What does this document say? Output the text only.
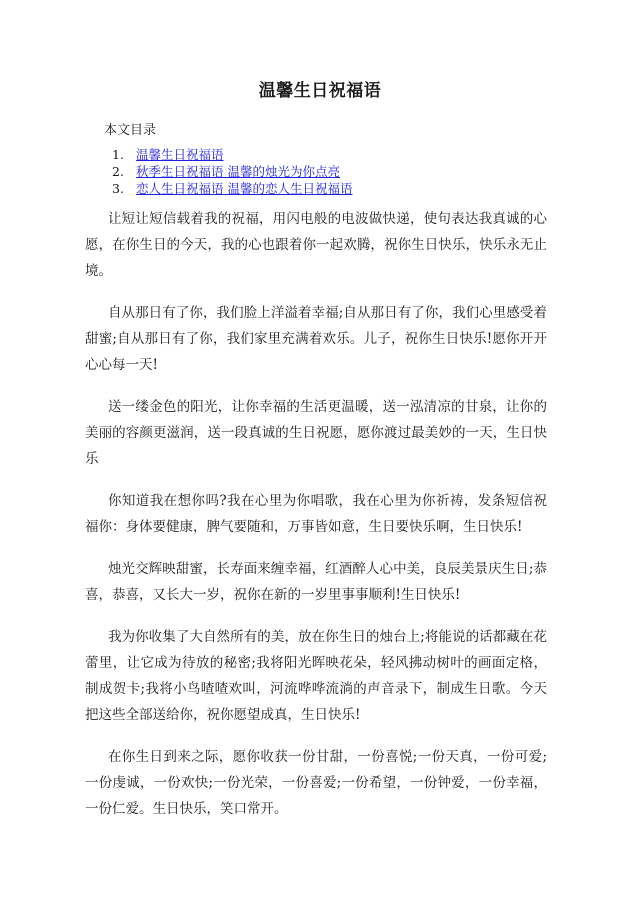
温馨生日祝福语
本文目录
1. 温馨生日祝福语
2. 秋季生日祝福语 温馨的烛光为你点亮
3. 恋人生日祝福语 温馨的恋人生日祝福语

让短让短信载着我的祝福，用闪电般的电波做快递，使句表达我真诚的心愿，在你生日的今天，我的心也跟着你一起欢腾，祝你生日快乐，快乐永无止境。

自从那日有了你，我们脸上洋溢着幸福;自从那日有了你，我们心里感受着甜蜜;自从那日有了你，我们家里充满着欢乐。儿子，祝你生日快乐!愿你开开心心每一天!

送一缕金色的阳光，让你幸福的生活更温暖，送一泓清凉的甘泉，让你的美丽的容颜更滋润，送一段真诚的生日祝愿，愿你渡过最美妙的一天，生日快乐

你知道我在想你吗?我在心里为你唱歌，我在心里为你祈祷，发条短信祝福你：身体要健康，脾气要随和，万事皆如意，生日要快乐啊，生日快乐!

烛光交辉映甜蜜，长寿面来缠幸福，红酒醉人心中美，良辰美景庆生日;恭喜，恭喜，又长大一岁，祝你在新的一岁里事事顺利!生日快乐!

我为你收集了大自然所有的美，放在你生日的烛台上;将能说的话都藏在花蕾里，让它成为待放的秘密;我将阳光晖映花朵，轻风拂动树叶的画面定格，制成贺卡;我将小鸟喳喳欢叫，河流哗哗流淌的声音录下，制成生日歌。今天把这些全部送给你，祝你愿望成真，生日快乐!

在你生日到来之际，愿你收获一份甘甜，一份喜悦;一份天真，一份可爱;一份虔诚，一份欢快;一份光荣，一份喜爱;一份希望，一份钟爱，一份幸福，一份仁爱。生日快乐，笑口常开。
